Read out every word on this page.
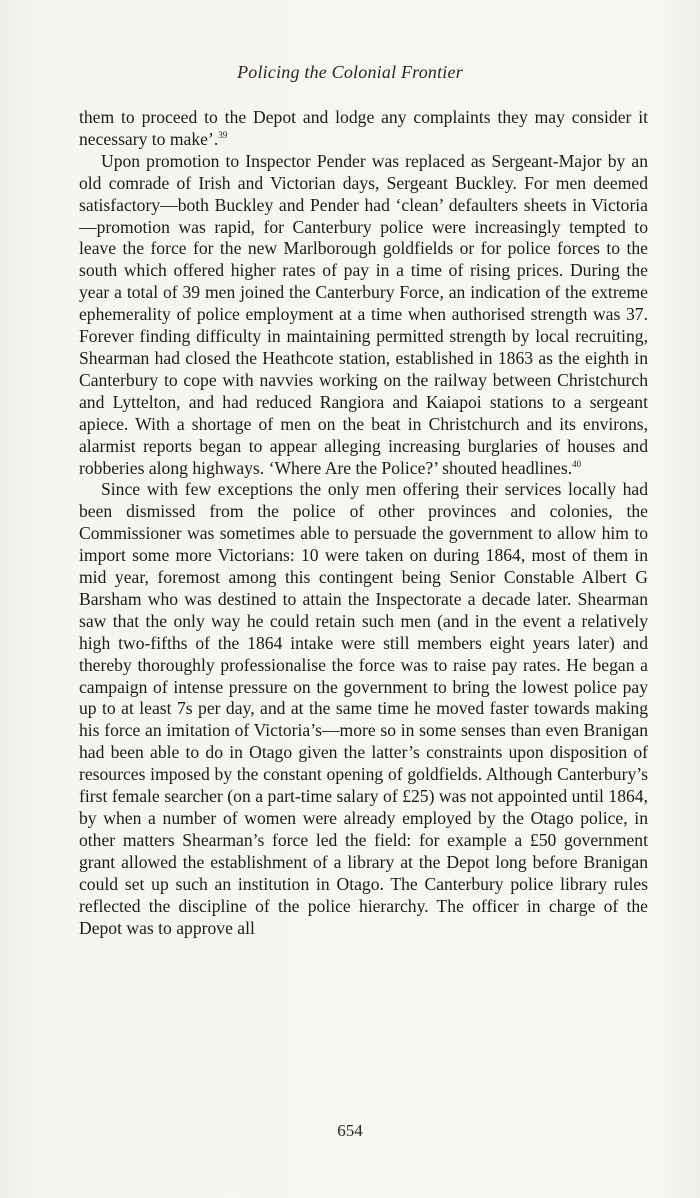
Policing the Colonial Frontier

them to proceed to the Depot and lodge any complaints they may consider it necessary to make’.$^{39}$

Upon promotion to Inspector Pender was replaced as Sergeant-Major by an old comrade of Irish and Victorian days, Sergeant Buckley. For men deemed satisfactory—both Buckley and Pender had ‘clean’ defaulters sheets in Victoria—promotion was rapid, for Canterbury police were increasingly tempted to leave the force for the new Marlborough goldfields or for police forces to the south which offered higher rates of pay in a time of rising prices. During the year a total of 39 men joined the Canterbury Force, an indication of the extreme ephemerality of police employment at a time when authorised strength was 37. Forever finding difficulty in maintaining permitted strength by local recruiting, Shearman had closed the Heathcote station, established in 1863 as the eighth in Canterbury to cope with navvies working on the railway between Christchurch and Lyttelton, and had reduced Rangiora and Kaiapoi stations to a sergeant apiece. With a shortage of men on the beat in Christchurch and its environs, alarmist reports began to appear alleging increasing burglaries of houses and robberies along highways. ‘Where Are the Police?’ shouted headlines.$^{40}$

Since with few exceptions the only men offering their services locally had been dismissed from the police of other provinces and colonies, the Commissioner was sometimes able to persuade the government to allow him to import some more Victorians: 10 were taken on during 1864, most of them in mid year, foremost among this contingent being Senior Constable Albert G Barsham who was destined to attain the Inspectorate a decade later. Shearman saw that the only way he could retain such men (and in the event a relatively high two-fifths of the 1864 intake were still members eight years later) and thereby thoroughly professionalise the force was to raise pay rates. He began a campaign of intense pressure on the government to bring the lowest police pay up to at least 7s per day, and at the same time he moved faster towards making his force an imitation of Victoria’s—more so in some senses than even Branigan had been able to do in Otago given the latter’s constraints upon disposition of resources imposed by the constant opening of goldfields. Although Canterbury’s first female searcher (on a part-time salary of £25) was not appointed until 1864, by when a number of women were already employed by the Otago police, in other matters Shearman’s force led the field: for example a £50 government grant allowed the establishment of a library at the Depot long before Branigan could set up such an institution in Otago. The Canterbury police library rules reflected the discipline of the police hierarchy. The officer in charge of the Depot was to approve all

654
